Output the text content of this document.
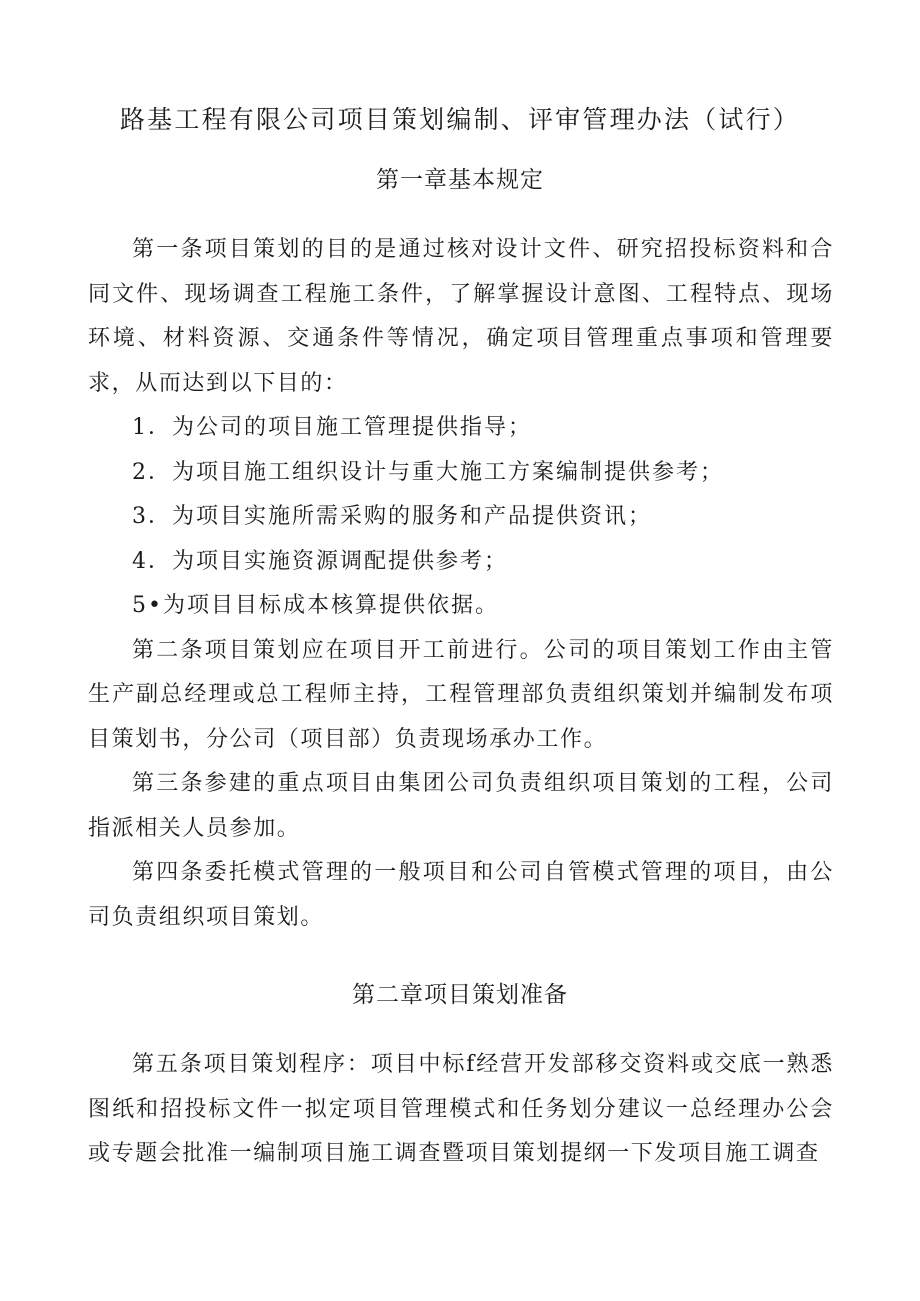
路基工程有限公司项目策划编制、评审管理办法（试行）
第一章基本规定

第一条项目策划的目的是通过核对设计文件、研究招投标资料和合同文件、现场调查工程施工条件，了解掌握设计意图、工程特点、现场环境、材料资源、交通条件等情况，确定项目管理重点事项和管理要求，从而达到以下目的：

1．为公司的项目施工管理提供指导；

2．为项目施工组织设计与重大施工方案编制提供参考；

3．为项目实施所需采购的服务和产品提供资讯；

4．为项目实施资源调配提供参考；

5•为项目目标成本核算提供依据。

第二条项目策划应在项目开工前进行。公司的项目策划工作由主管生产副总经理或总工程师主持，工程管理部负责组织策划并编制发布项目策划书，分公司（项目部）负责现场承办工作。

第三条参建的重点项目由集团公司负责组织项目策划的工程，公司指派相关人员参加。

第四条委托模式管理的一般项目和公司自管模式管理的项目，由公司负责组织项目策划。

第二章项目策划准备

第五条项目策划程序：项目中标f经营开发部移交资料或交底一熟悉图纸和招投标文件一拟定项目管理模式和任务划分建议一总经理办公会或专题会批准一编制项目施工调查暨项目策划提纲一下发项目施工调查
